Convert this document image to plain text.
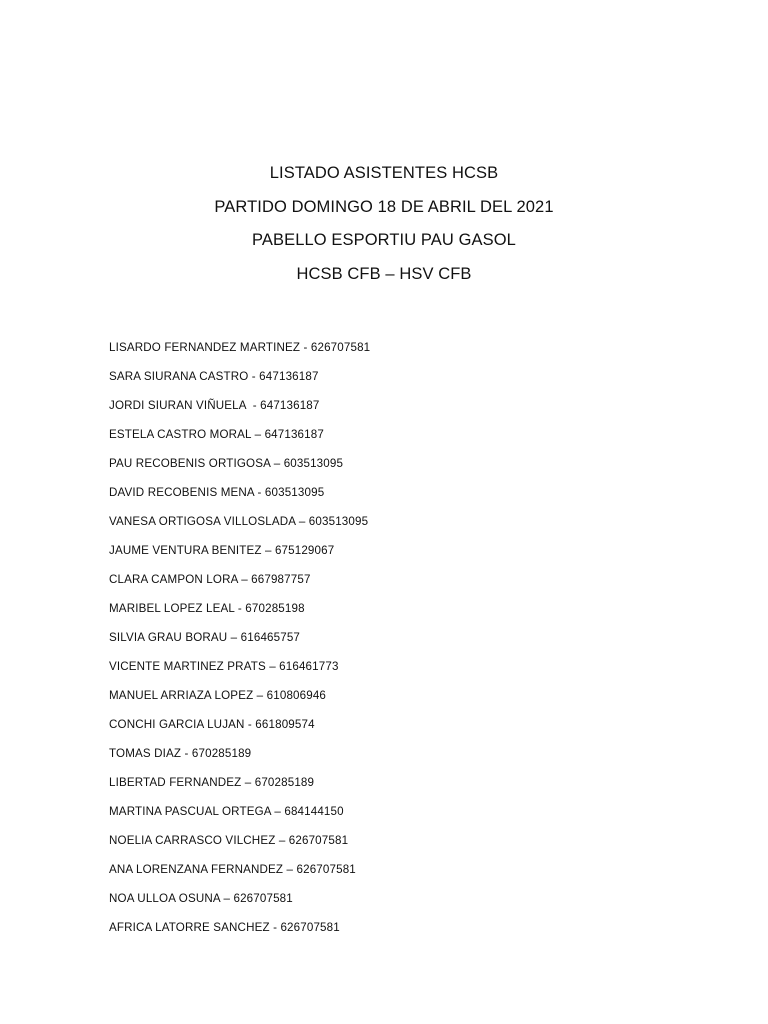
LISTADO ASISTENTES HCSB
PARTIDO DOMINGO 18 DE ABRIL DEL 2021
PABELLO ESPORTIU PAU GASOL
HCSB CFB – HSV CFB
LISARDO FERNANDEZ MARTINEZ - 626707581
SARA SIURANA CASTRO - 647136187
JORDI SIURAN VIÑUELA  - 647136187
ESTELA CASTRO MORAL – 647136187
PAU RECOBENIS ORTIGOSA – 603513095
DAVID RECOBENIS MENA - 603513095
VANESA ORTIGOSA VILLOSLADA – 603513095
JAUME VENTURA BENITEZ – 675129067
CLARA CAMPON LORA – 667987757
MARIBEL LOPEZ LEAL - 670285198
SILVIA GRAU BORAU – 616465757
VICENTE MARTINEZ PRATS – 616461773
MANUEL ARRIAZA LOPEZ – 610806946
CONCHI GARCIA LUJAN - 661809574
TOMAS DIAZ - 670285189
LIBERTAD FERNANDEZ – 670285189
MARTINA PASCUAL ORTEGA – 684144150
NOELIA CARRASCO VILCHEZ – 626707581
ANA LORENZANA FERNANDEZ – 626707581
NOA ULLOA OSUNA – 626707581
AFRICA LATORRE SANCHEZ - 626707581
